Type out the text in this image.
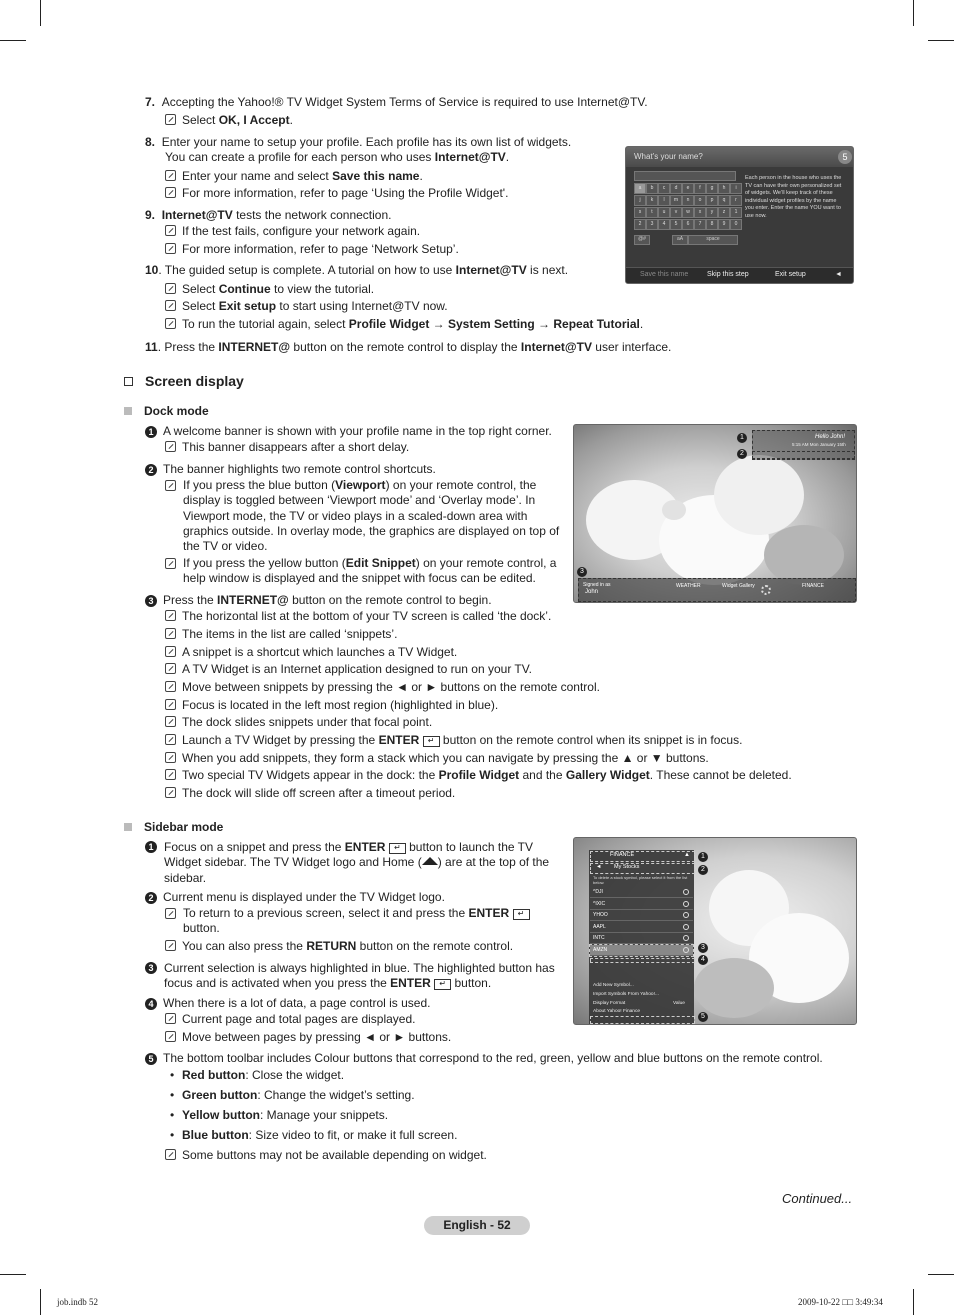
7. Accepting the Yahoo!® TV Widget System Terms of Service is required to use Internet@TV.
Select OK, I Accept.
8. Enter your name to setup your profile. Each profile has its own list of widgets.
You can create a profile for each person who uses Internet@TV.
Enter your name and select Save this name.
For more information, refer to page ‘Using the Profile Widget'.
9. Internet@TV tests the network connection.
If the test fails, configure your network again.
For more information, refer to page ‘Network Setup’.
10. The guided setup is complete. A tutorial on how to use Internet@TV is next.
Select Continue to view the tutorial.
Select Exit setup to start using Internet@TV now.
To run the tutorial again, select Profile Widget → System Setting → Repeat Tutorial.
11. Press the INTERNET@ button on the remote control to display the Internet@TV user interface.
What’s your name?	5
a	b	c	d	e	f	g	h	i
j	k	l	m	n	o	p	q	r
s	t	u	v	w	x	y	z	1
2	3	4	5	6	7	8	9	0
@#	aA	space
Each person in the house who uses the TV can have their own personalized set of widgets. We’ll keep track of these individual widget profiles by the name you enter. Enter the name YOU want to use now.
Save this name	Skip this step	Exit setup	◄
Screen display
Dock mode
1 A welcome banner is shown with your profile name in the top right corner.
This banner disappears after a short delay.
2 The banner highlights two remote control shortcuts.
If you press the blue button (Viewport) on your remote control, the display is toggled between ‘Viewport mode’ and ‘Overlay mode’. In Viewport mode, the TV or video plays in a scaled-down area with graphics outside. In overlay mode, the graphics are displayed on top of the TV or video.
If you press the yellow button (Edit Snippet) on your remote control, a help window is displayed and the snippet with focus can be edited.
3 Press the INTERNET@ button on the remote control to begin.
The horizontal list at the bottom of your TV screen is called ‘the dock’.
The items in the list are called ‘snippets’.
A snippet is a shortcut which launches a TV Widget.
A TV Widget is an Internet application designed to run on your TV.
Move between snippets by pressing the ◄ or ► buttons on the remote control.
Focus is located in the left most region (highlighted in blue).
The dock slides snippets under that focal point.
Launch a TV Widget by pressing the ENTER ↵ button on the remote control when its snippet is in focus.
When you add snippets, they form a stack which you can navigate by pressing the ▲ or ▼ buttons.
Two special TV Widgets appear in the dock: the Profile Widget and the Gallery Widget. These cannot be deleted.
The dock will slide off screen after a timeout period.
Hello John!
5:15 AM Mon January 15th
1
2
3
Signed in as
John
WEATHER	Widget Gallery	FINANCE
Sidebar mode
1 Focus on a snippet and press the ENTER ↵ button to launch the TV Widget sidebar. The TV Widget logo and Home ( ) are at the top of the sidebar.
2 Current menu is displayed under the TV Widget logo.
To return to a previous screen, select it and press the ENTER ↵
button.
You can also press the RETURN button on the remote control.
3 Current selection is always highlighted in blue. The highlighted button has focus and is activated when you press the ENTER ↵ button.
4 When there is a lot of data, a page control is used.
Current page and total pages are displayed.
Move between pages by pressing ◄ or ► buttons.
5 The bottom toolbar includes Colour buttons that correspond to the red, green, yellow and blue buttons on the remote control.
• Red button: Close the widget.
• Green button: Change the widget’s setting.
• Yellow button: Manage your snippets.
• Blue button: Size video to fit, or make it full screen.
Some buttons may not be available depending on widget.
FINANCE	▲
◄ My Stocks
To delete a stock symbol, please select it from the list below.
^DJI
^IXIC
YHOO
AAPL
INTC
AMZN
Add New Symbol...
Import Symbols From Yahoo!...
Display Format	Value
About Yahoo! Finance
1
2
3
4
5
Continued...
English - 52
job.indb 52	2009-10-22 □□ 3:49:34
